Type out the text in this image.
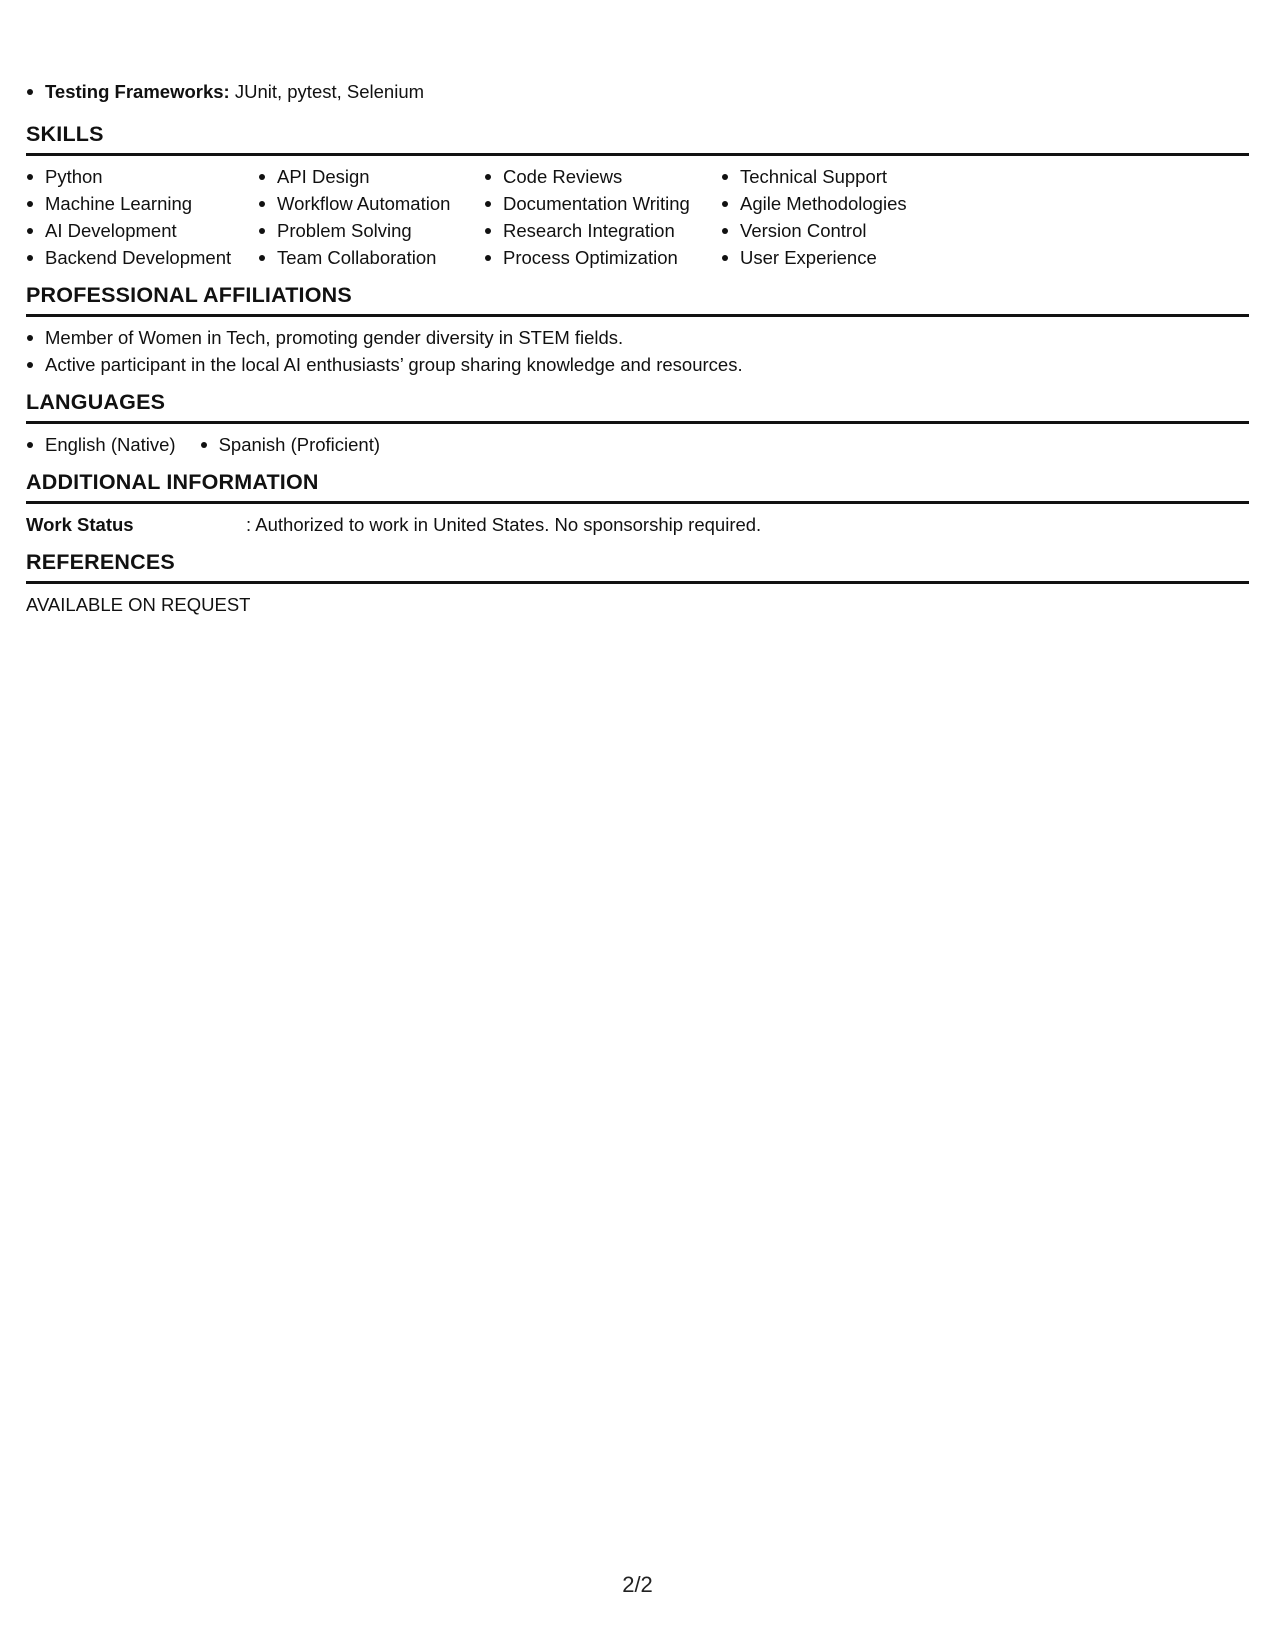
Testing Frameworks: JUnit, pytest, Selenium
SKILLS
Python
Machine Learning
AI Development
Backend Development
API Design
Workflow Automation
Problem Solving
Team Collaboration
Code Reviews
Documentation Writing
Research Integration
Process Optimization
Technical Support
Agile Methodologies
Version Control
User Experience
PROFESSIONAL AFFILIATIONS
Member of Women in Tech, promoting gender diversity in STEM fields.
Active participant in the local AI enthusiasts’ group sharing knowledge and resources.
LANGUAGES
English (Native)	Spanish (Proficient)
ADDITIONAL INFORMATION
Work Status	: Authorized to work in United States. No sponsorship required.
REFERENCES
AVAILABLE ON REQUEST
2/2
